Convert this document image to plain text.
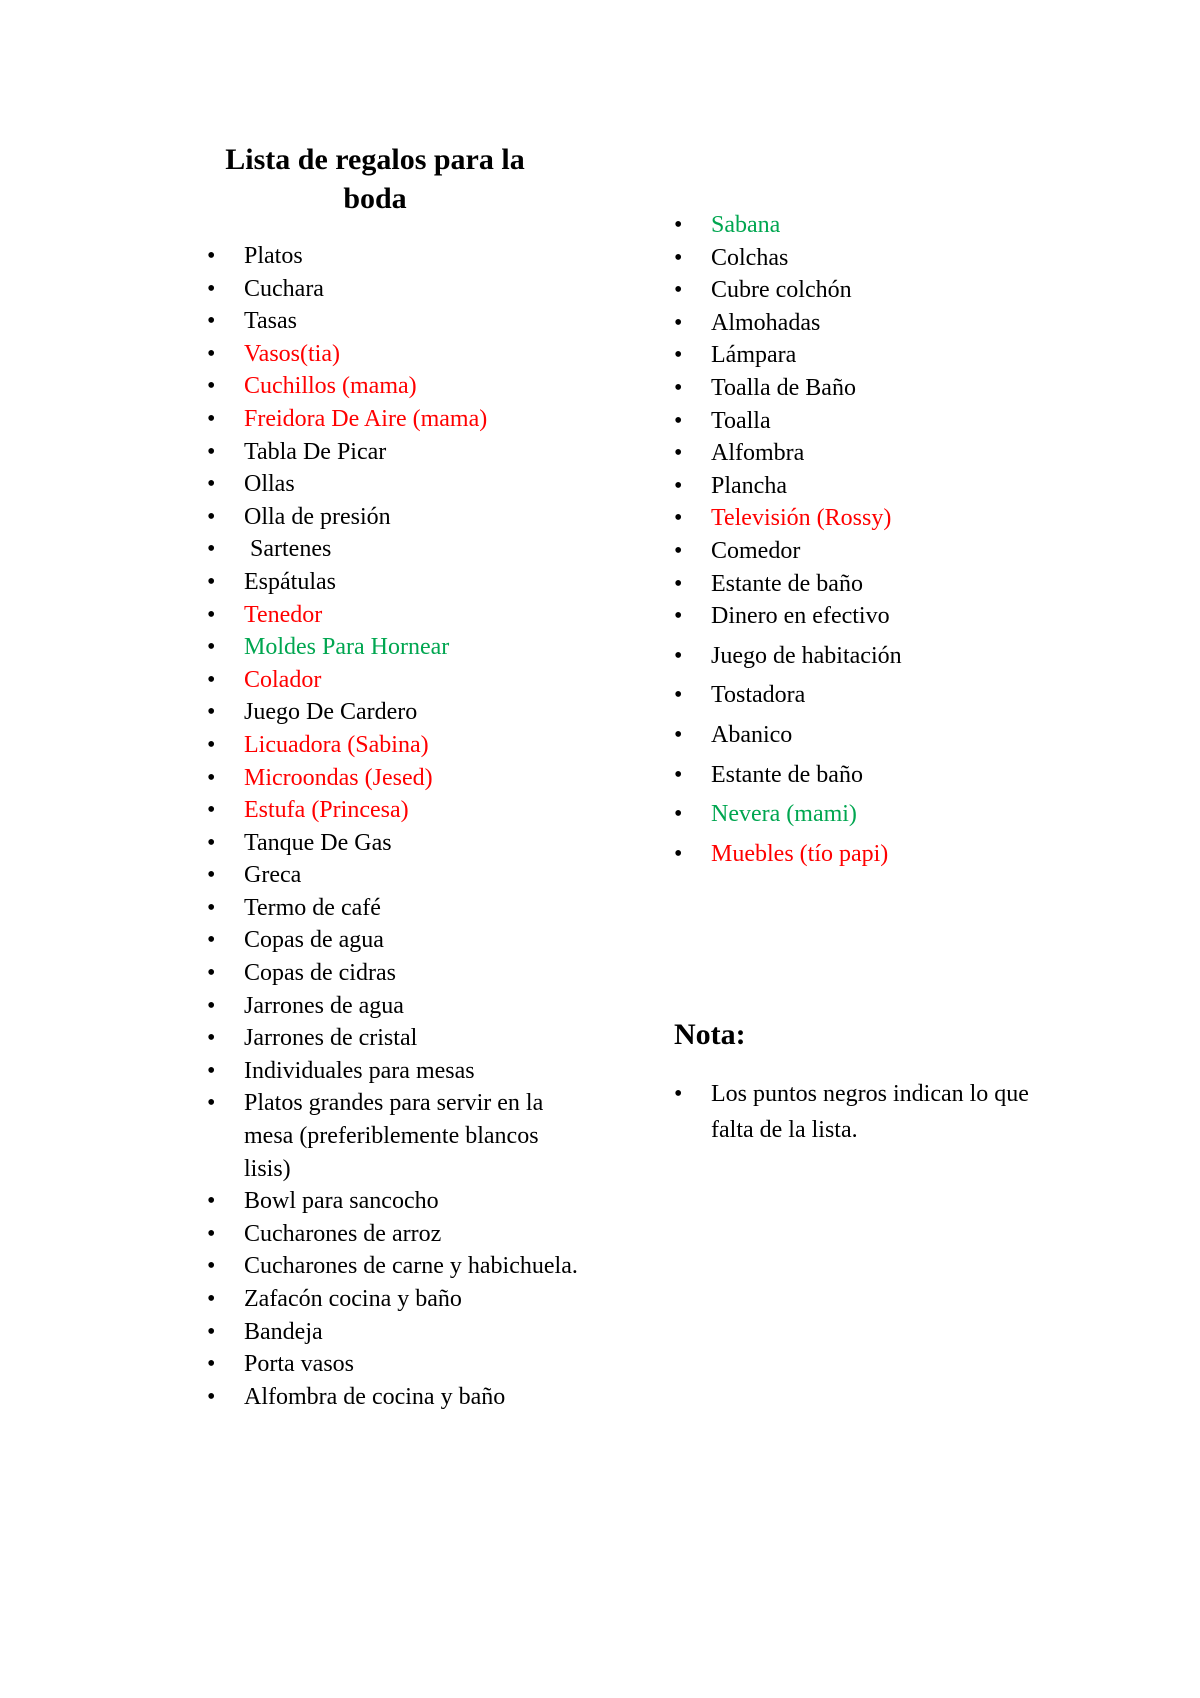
Lista de regalos para la boda
•
Platos
•
Cuchara
•
Tasas
•
Vasos(tia)
•
Cuchillos (mama)
•
Freidora De Aire (mama)
•
Tabla De Picar
•
Ollas
•
Olla de presión
•
Sartenes
•
Espátulas
•
Tenedor
•
Moldes Para Hornear
•
Colador
•
Juego De Cardero
•
Licuadora (Sabina)
•
Microondas (Jesed)
•
Estufa (Princesa)
•
Tanque De Gas
•
Greca
•
Termo de café
•
Copas de agua
•
Copas de cidras
•
Jarrones de agua
•
Jarrones de cristal
•
Individuales para mesas
•
Platos grandes para servir en la mesa (preferiblemente blancos lisis)
•
Bowl para sancocho
•
Cucharones de arroz
•
Cucharones de carne y habichuela.
•
Zafacón cocina y baño
•
Bandeja
•
Porta vasos
•
Alfombra de cocina y baño
•
Sabana
•
Colchas
•
Cubre colchón
•
Almohadas
•
Lámpara
•
Toalla de Baño
•
Toalla
•
Alfombra
•
Plancha
•
Televisión (Rossy)
•
Comedor
•
Estante de baño
•
Dinero en efectivo
•
Juego de habitación
•
Tostadora
•
Abanico
•
Estante de baño
•
Nevera (mami)
•
Muebles (tío papi)
Nota:
•
Los puntos negros indican lo que falta de la lista.
